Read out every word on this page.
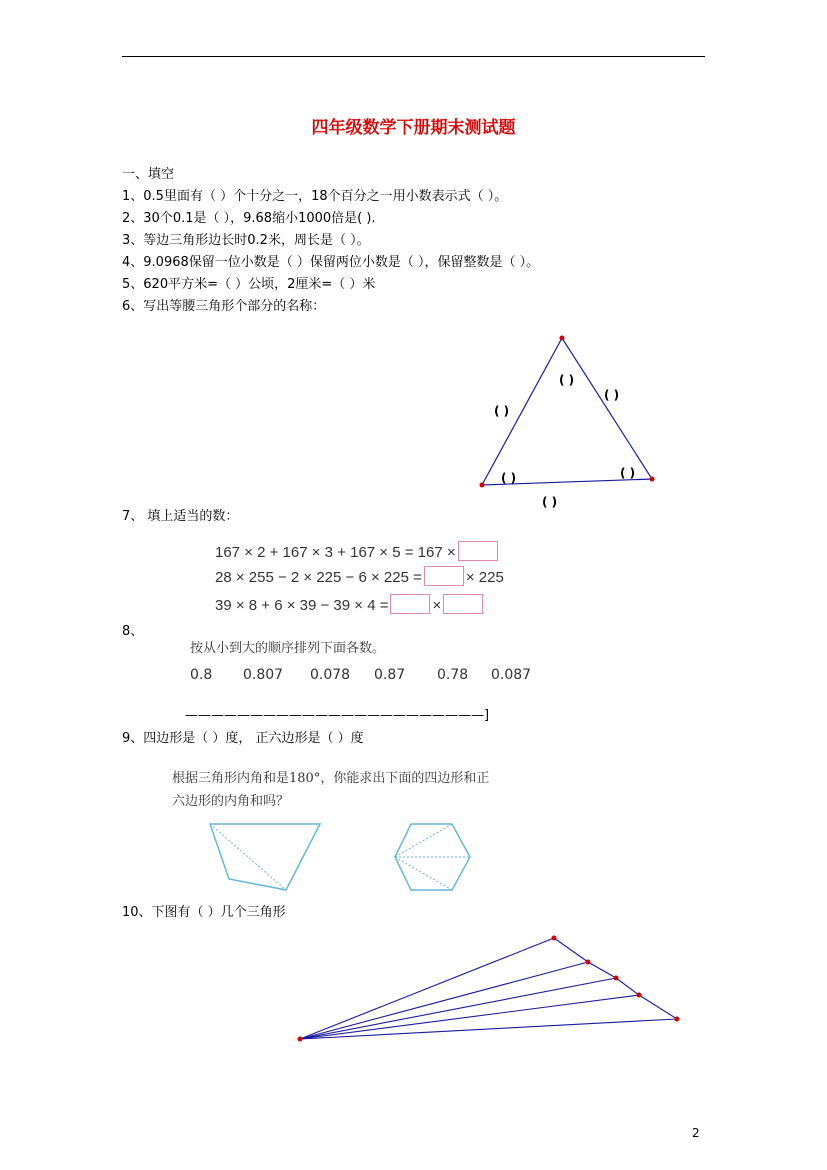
四年级数学下册期末测试题
一、填空
1、0.5里面有（ ）个十分之一，18个百分之一用小数表示式（ ）。
2、30个0.1是（ ），9.68缩小1000倍是( ).
3、等边三角形边长时0.2米，周长是（ ）。
4、9.0968保留一位小数是（ ）保留两位小数是（ ），保留整数是（ ）。
5、620平方米=（ ）公顷，2厘米=（ ）米
6、写出等腰三角形个部分的名称：
( )
( )
( )
( )	( )
( )
7、 填上适当的数：
167 × 2 + 167 × 3 + 167 × 5 = 167 ×
28 × 255 − 2 × 225 − 6 × 225 =	× 225
39 × 8 + 6 × 39 − 39 × 4 =	×
8、
按从小到大的顺序排列下面各数。
0.8 0.807 0.078 0.87 0.78 0.087
———————————————————————]
9、四边形是（ ）度， 正六边形是（ ）度
根据三角形内角和是180°，你能求出下面的四边形和正
六边形的内角和吗？
10、下图有（ ）几个三角形
2
